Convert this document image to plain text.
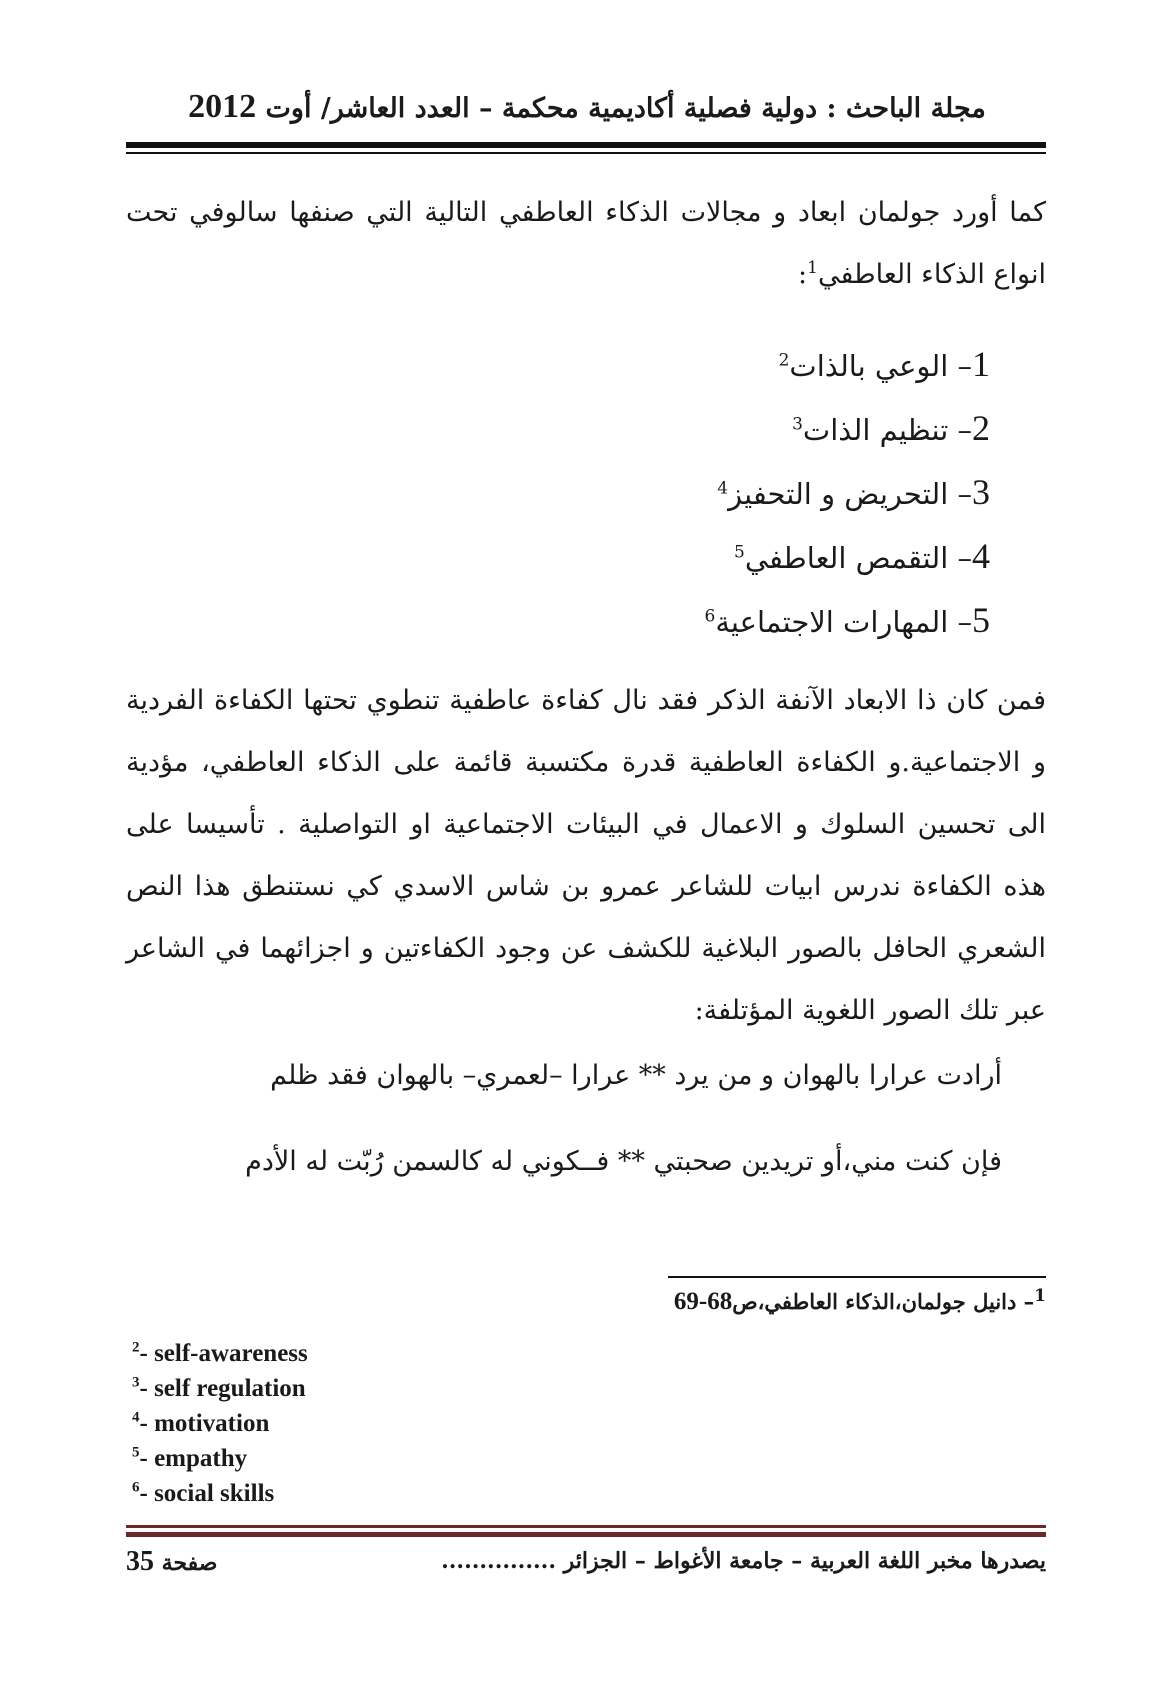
مجلة الباحث : دولية فصلية أكاديمية محكمة – العدد العاشر/ أوت 2012
كما أورد جولمان ابعاد و مجالات الذكاء العاطفي التالية التي صنفها سالوفي تحت انواع الذكاء العاطفي$^1$:
1– الوعي بالذات$^2$
2– تنظيم الذات$^3$
3– التحريض و التحفيز$^4$
4– التقمص العاطفي$^5$
5– المهارات الاجتماعية$^6$
فمن كان ذا الابعاد الآنفة الذكر فقد نال كفاءة عاطفية تنطوي تحتها الكفاءة الفردية و الاجتماعية.و الكفاءة العاطفية قدرة مكتسبة قائمة على الذكاء العاطفي، مؤدية الى تحسين السلوك و الاعمال في البيئات الاجتماعية او التواصلية . تأسيسا على هذه الكفاءة ندرس ابيات للشاعر عمرو بن شاس الاسدي كي نستنطق هذا النص الشعري الحافل بالصور البلاغية للكشف عن وجود الكفاءتين و اجزائهما في الشاعر عبر تلك الصور اللغوية المؤتلفة:
أرادت عرارا بالهوان و من يرد ** عرارا –لعمري– بالهوان فقد ظلم
فإن كنت مني،أو تريدين صحبتي ** فــكوني له كالسمن رُبّت له الأدم
$^1$– دانيل جولمان،الذكاء العاطفي،ص68-69
$^2$- self-awareness
$^3$- self regulation
$^4$- motivation
$^5$- empathy
$^6$- social skills
يصدرها مخبر اللغة العربية – جامعة الأغواط – الجزائر ...............
صفحة 35
